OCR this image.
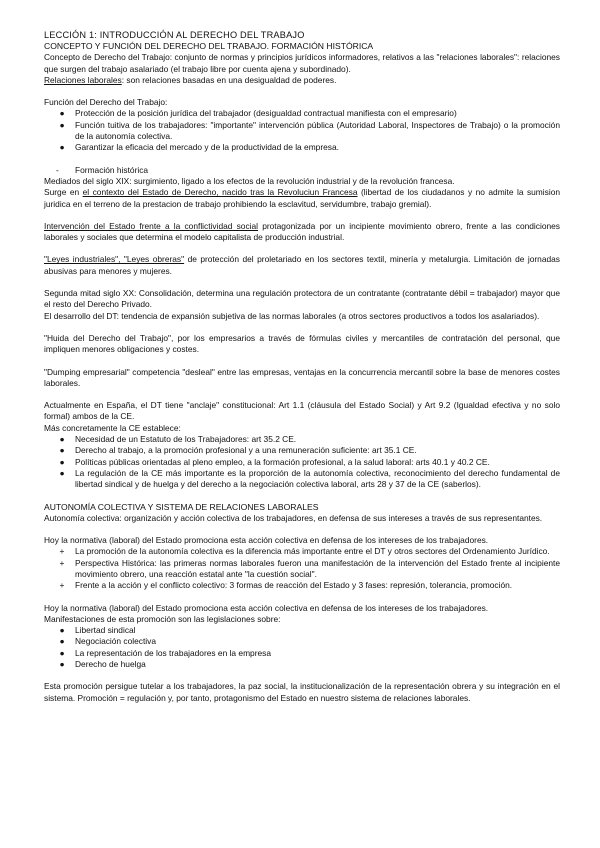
LECCIÓN 1: INTRODUCCIÓN AL DERECHO DEL TRABAJO

CONCEPTO Y FUNCIÓN DEL DERECHO DEL TRABAJO. FORMACIÓN HISTÓRICA

Concepto de Derecho del Trabajo: conjunto de normas y principios jurídicos informadores, relativos a las "relaciones laborales": relaciones que surgen del trabajo asalariado (el trabajo libre por cuenta ajena y subordinado).

Relaciones laborales: son relaciones basadas en una desigualdad de poderes.

Función del Derecho del Trabajo:

● Protección de la posición jurídica del trabajador (desigualdad contractual manifiesta con el empresario)
● Función tuitiva de los trabajadores: "importante" intervención pública (Autoridad Laboral, Inspectores de Trabajo) o la promoción de la autonomía colectiva.
● Garantizar la eficacia del mercado y de la productividad de la empresa.
- Formación histórica

Mediados del siglo XIX: surgimiento, ligado a los efectos de la revolución industrial y de la revolución francesa.

Surge en el contexto del Estado de Derecho, nacido tras la Revoluciun Francesa (libertad de los ciudadanos y no admite la sumision juridica en el terreno de la prestacion de trabajo prohibiendo la esclavitud, servidumbre, trabajo gremial).

Intervención del Estado frente a la conflictividad social protagonizada por un incipiente movimiento obrero, frente a las condiciones laborales y sociales que determina el modelo capitalista de producción industrial.

"Leyes industriales", "Leyes obreras" de protección del proletariado en los sectores textil, minería y metalurgia. Limitación de jornadas abusivas para menores y mujeres.

Segunda mitad siglo XX: Consolidación, determina una regulación protectora de un contratante (contratante débil = trabajador) mayor que el resto del Derecho Privado.

El desarrollo del DT: tendencia de expansión subjetiva de las normas laborales (a otros sectores productivos a todos los asalariados).

"Huida del Derecho del Trabajo", por los empresarios a través de fórmulas civiles y mercantiles de contratación del personal, que impliquen menores obligaciones y costes.

"Dumping empresarial" competencia "desleal" entre las empresas, ventajas en la concurrencia mercantil sobre la base de menores costes laborales.

Actualmente en España, el DT tiene "anclaje" constitucional: Art 1.1 (cláusula del Estado Social) y Art 9.2 (Igualdad efectiva y no solo formal) ambos de la CE.

Más concretamente la CE establece:

● Necesidad de un Estatuto de los Trabajadores: art 35.2 CE.
● Derecho al trabajo, a la promoción profesional y a una remuneración suficiente: art 35.1 CE.
● Políticas públicas orientadas al pleno empleo, a la formación profesional, a la salud laboral: arts 40.1 y 40.2 CE.
● La regulación de la CE más importante es la proporción de la autonomía colectiva, reconocimiento del derecho fundamental de libertad sindical y de huelga y del derecho a la negociación colectiva laboral, arts 28 y 37 de la CE (saberlos).

AUTONOMÍA COLECTIVA Y SISTEMA DE RELACIONES LABORALES

Autonomía colectiva: organización y acción colectiva de los trabajadores, en defensa de sus intereses a través de sus representantes.

Hoy la normativa (laboral) del Estado promociona esta acción colectiva en defensa de los intereses de los trabajadores.

+	La promoción de la autonomía colectiva es la diferencia más importante entre el DT y otros sectores del Ordenamiento Jurídico.
+	Perspectiva Histórica: las primeras normas laborales fueron una manifestación de la intervención del Estado frente al incipiente movimiento obrero, una reacción estatal ante "la cuestión social".
+	Frente a la acción y el conflicto colectivo: 3 formas de reacción del Estado y 3 fases: represión, tolerancia, promoción.

Hoy la normativa (laboral) del Estado promociona esta acción colectiva en defensa de los intereses de los trabajadores.

Manifestaciones de esta promoción son las legislaciones sobre:

● Libertad sindical
● Negociación colectiva
● La representación de los trabajadores en la empresa
● Derecho de huelga

Esta promoción persigue tutelar a los trabajadores, la paz social, la institucionalización de la representación obrera y su integración en el sistema. Promoción = regulación y, por tanto, protagonismo del Estado en nuestro sistema de relaciones laborales.
